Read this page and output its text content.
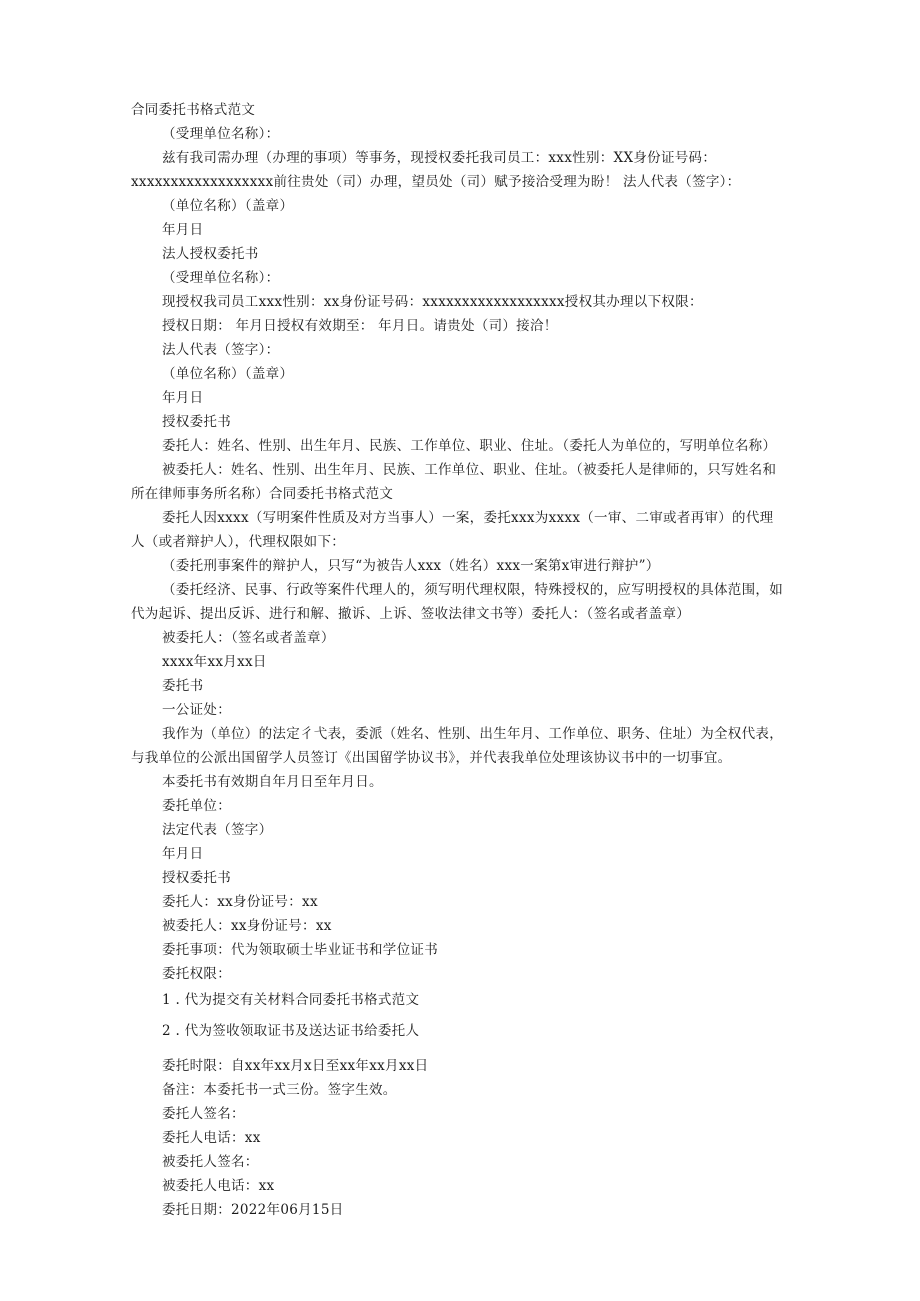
合同委托书格式范文
（受理单位名称）：
兹有我司需办理（办理的事项）等事务，现授权委托我司员工：xxx性别：XX身份证号码：
xxxxxxxxxxxxxxxxxx前往贵处（司）办理，望员处（司）赋予接洽受理为盼！ 法人代表（签字）：
（单位名称）（盖章）
年月日
法人授权委托书
（受理单位名称）：
现授权我司员工xxx性别：xx身份证号码：xxxxxxxxxxxxxxxxxx授权其办理以下权限：
授权日期： 年月日授权有效期至： 年月日。请贵处（司）接洽！
法人代表（签字）：
（单位名称）（盖章）
年月日
授权委托书
委托人：姓名、性别、出生年月、民族、工作单位、职业、住址。（委托人为单位的，写明单位名称）
被委托人：姓名、性别、出生年月、民族、工作单位、职业、住址。（被委托人是律师的，只写姓名和
所在律师事务所名称）合同委托书格式范文
委托人因xxxx（写明案件性质及对方当事人）一案，委托xxx为xxxx（一审、二审或者再审）的代理
人（或者辩护人），代理权限如下：
（委托刑事案件的辩护人，只写“为被告人xxx（姓名）xxx一案第x审进行辩护”）
（委托经济、民事、行政等案件代理人的，须写明代理权限，特殊授权的，应写明授权的具体范围，如
代为起诉、提出反诉、进行和解、撤诉、上诉、签收法律文书等）委托人：（签名或者盖章）
被委托人：（签名或者盖章）
xxxx年xx月xx日
委托书
一公证处：
我作为（单位）的法定彳弋表，委派（姓名、性别、出生年月、工作单位、职务、住址）为全权代表，
与我单位的公派出国留学人员签订《出国留学协议书》，并代表我单位处理该协议书中的一切事宜。
本委托书有效期自年月日至年月日。
委托单位：
法定代表（签字）
年月日
授权委托书
委托人：xx身份证号：xx
被委托人：xx身份证号：xx
委托事项：代为领取硕士毕业证书和学位证书
委托权限：
1 . 代为提交有关材料合同委托书格式范文
2 . 代为签收领取证书及送达证书给委托人
委托时限：自xx年xx月x日至xx年xx月xx日
备注：本委托书一式三份。签字生效。
委托人签名：
委托人电话：xx
被委托人签名：
被委托人电话：xx
委托日期：2022年06月15日
